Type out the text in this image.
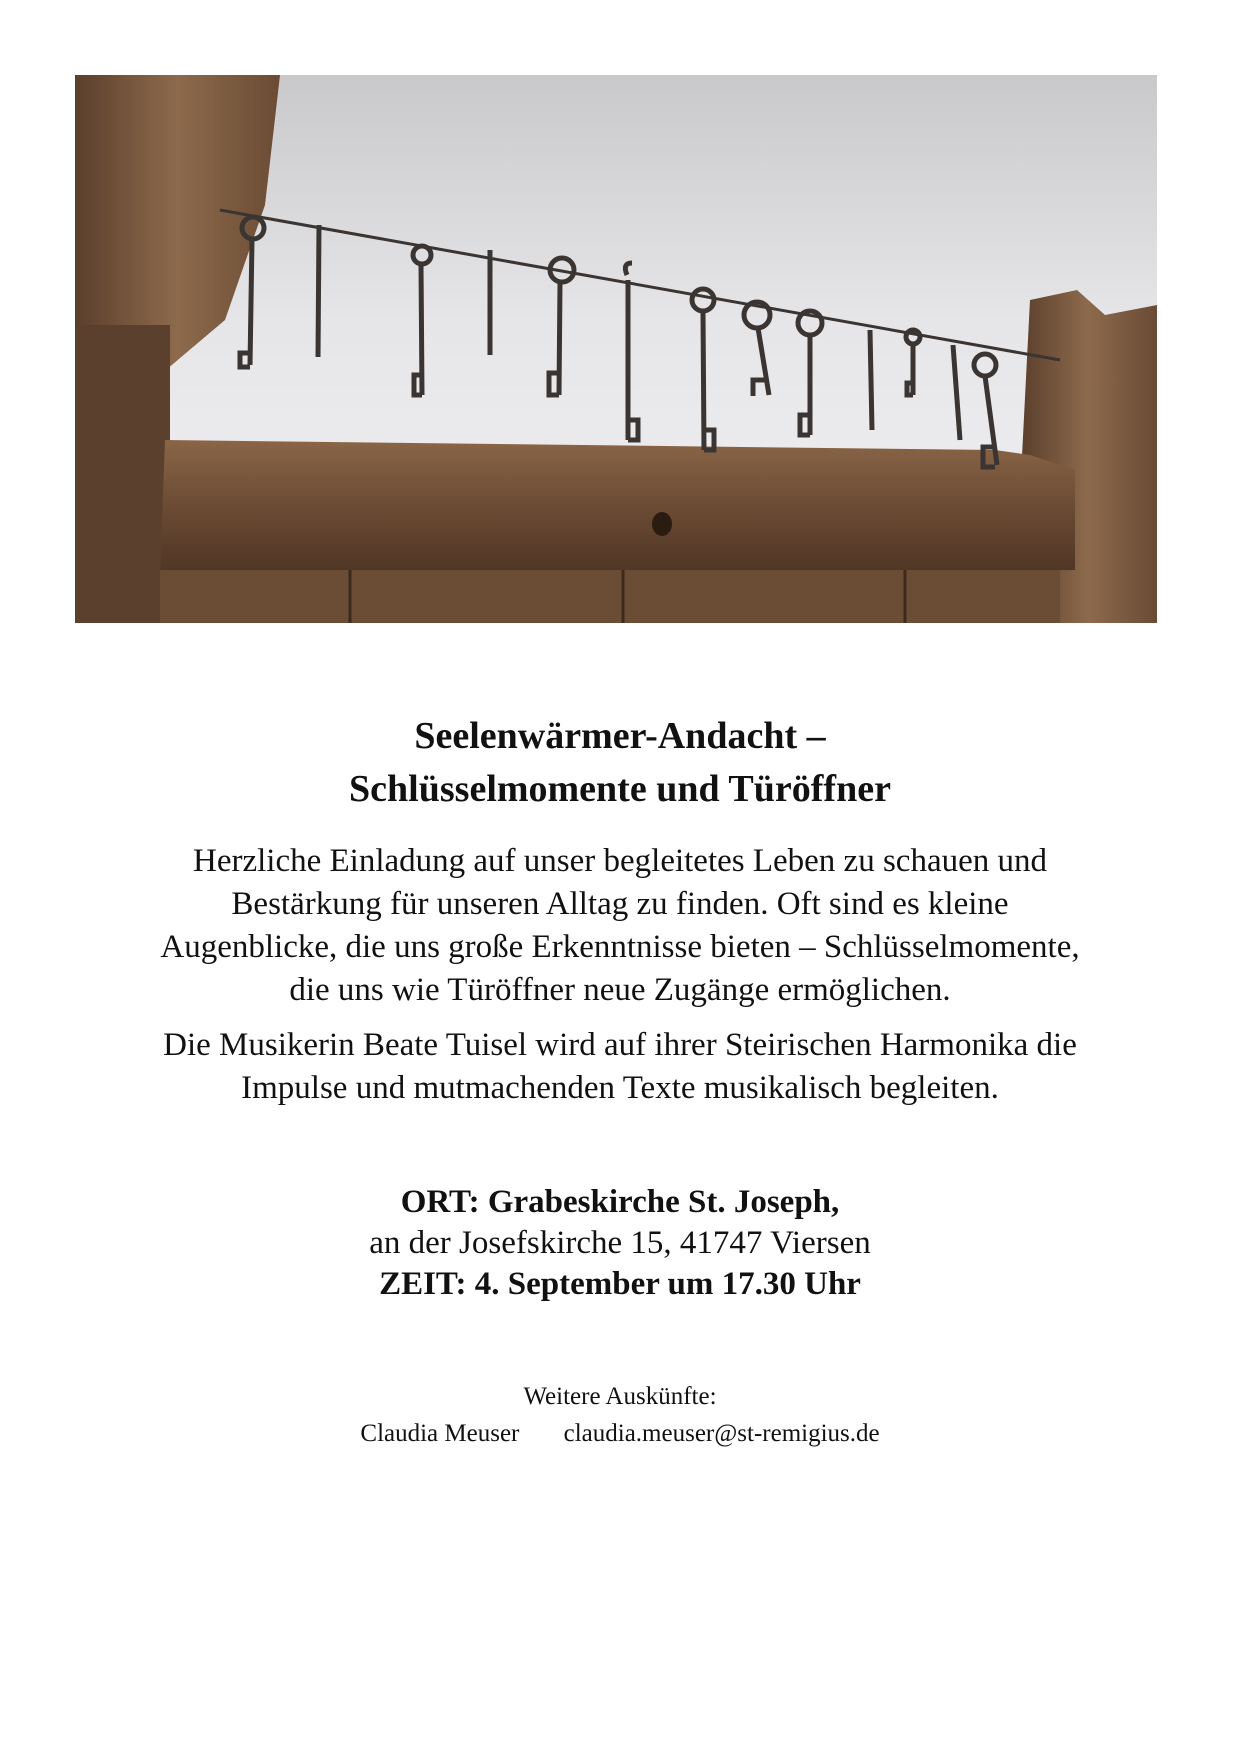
Seelenwärmer-Andacht –
Schlüsselmomente und Türöffner

Herzliche Einladung auf unser begleitetes Leben zu schauen und
Bestärkung für unseren Alltag zu finden. Oft sind es kleine
Augenblicke, die uns große Erkenntnisse bieten – Schlüsselmomente,
die uns wie Türöffner neue Zugänge ermöglichen.

Die Musikerin Beate Tuisel wird auf ihrer Steirischen Harmonika die
Impulse und mutmachenden Texte musikalisch begleiten.

ORT: Grabeskirche St. Joseph,
an der Josefskirche 15, 41747 Viersen
ZEIT: 4. September um 17.30 Uhr
Weitere Auskünfte:
Claudia Meuser claudia.meuser@st-remigius.de
